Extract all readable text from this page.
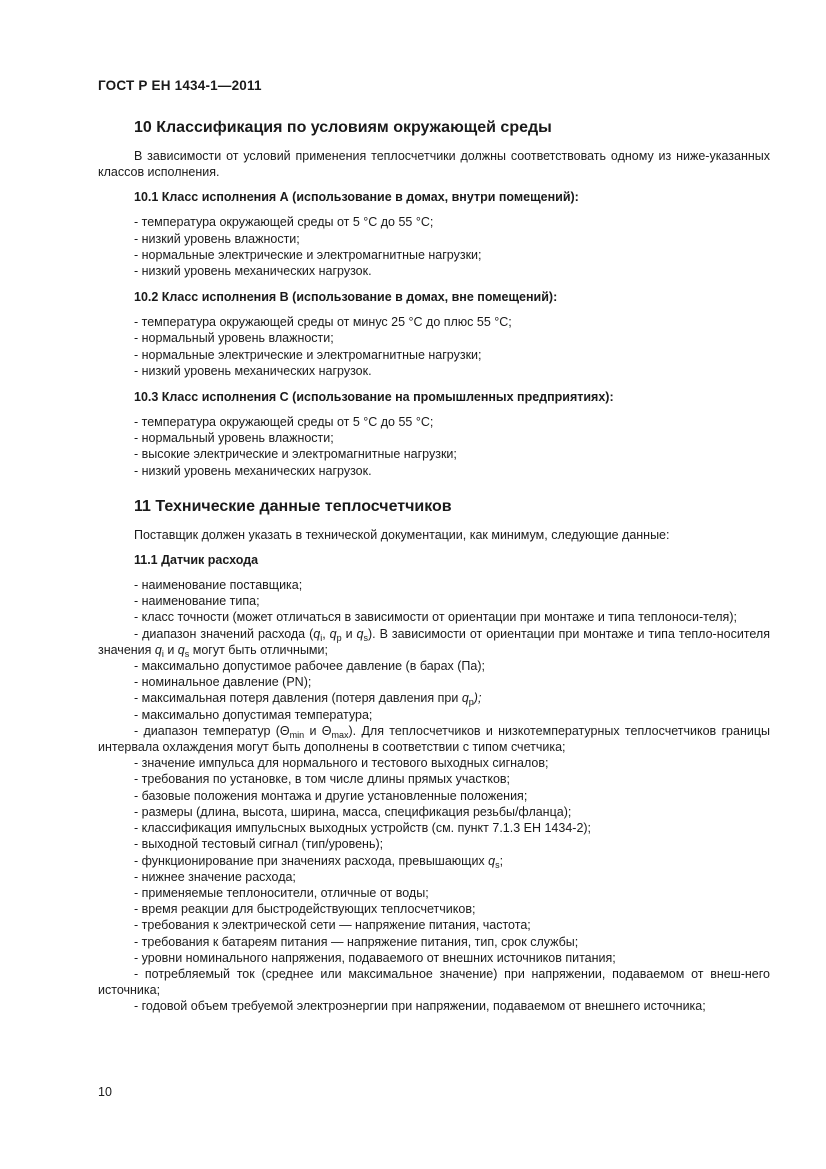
ГОСТ Р ЕН 1434-1—2011
10 Классификация по условиям окружающей среды

В зависимости от условий применения теплосчетчики должны соответствовать одному из ниже-указанных классов исполнения.

10.1 Класс исполнения А (использование в домах, внутри помещений):

- температура окружающей среды от 5 °С до 55 °С;

- низкий уровень влажности;

- нормальные электрические и электромагнитные нагрузки;

- низкий уровень механических нагрузок.

10.2 Класс исполнения В (использование в домах, вне помещений):

- температура окружающей среды от минус 25 °С до плюс 55 °С;

- нормальный уровень влажности;

- нормальные электрические и электромагнитные нагрузки;

- низкий уровень механических нагрузок.

10.3 Класс исполнения С (использование на промышленных предприятиях):

- температура окружающей среды от 5 °С до 55 °С;

- нормальный уровень влажности;

- высокие электрические и электромагнитные нагрузки;

- низкий уровень механических нагрузок.

11 Технические данные теплосчетчиков

Поставщик должен указать в технической документации, как минимум, следующие данные:

11.1 Датчик расхода

- наименование поставщика;

- наименование типа;

- класс точности (может отличаться в зависимости от ориентации при монтаже и типа теплоноси-теля);

- диапазон значений расхода ($q_i$, $q_p$ и $q_s$). В зависимости от ориентации при монтаже и типа тепло-носителя значения $q_i$ и $q_s$ могут быть отличными;

- максимально допустимое рабочее давление (в барах (Па);

- номинальное давление (PN);

- максимальная потеря давления (потеря давления при $q_p$);

- максимально допустимая температура;

- диапазон температур ($\Theta_{min}$ и $\Theta_{max}$). Для теплосчетчиков и низкотемпературных теплосчетчиков границы интервала охлаждения могут быть дополнены в соответствии с типом счетчика;

- значение импульса для нормального и тестового выходных сигналов;

- требования по установке, в том числе длины прямых участков;

- базовые положения монтажа и другие установленные положения;

- размеры (длина, высота, ширина, масса, спецификация резьбы/фланца);

- классификация импульсных выходных устройств (см. пункт 7.1.3 ЕН 1434-2);

- выходной тестовый сигнал (тип/уровень);

- функционирование при значениях расхода, превышающих $q_s$;

- нижнее значение расхода;

- применяемые теплоносители, отличные от воды;

- время реакции для быстродействующих теплосчетчиков;

- требования к электрической сети — напряжение питания, частота;

- требования к батареям питания — напряжение питания, тип, срок службы;

- уровни номинального напряжения, подаваемого от внешних источников питания;

- потребляемый ток (среднее или максимальное значение) при напряжении, подаваемом от внеш-него источника;

- годовой объем требуемой электроэнергии при напряжении, подаваемом от внешнего источника;

10
